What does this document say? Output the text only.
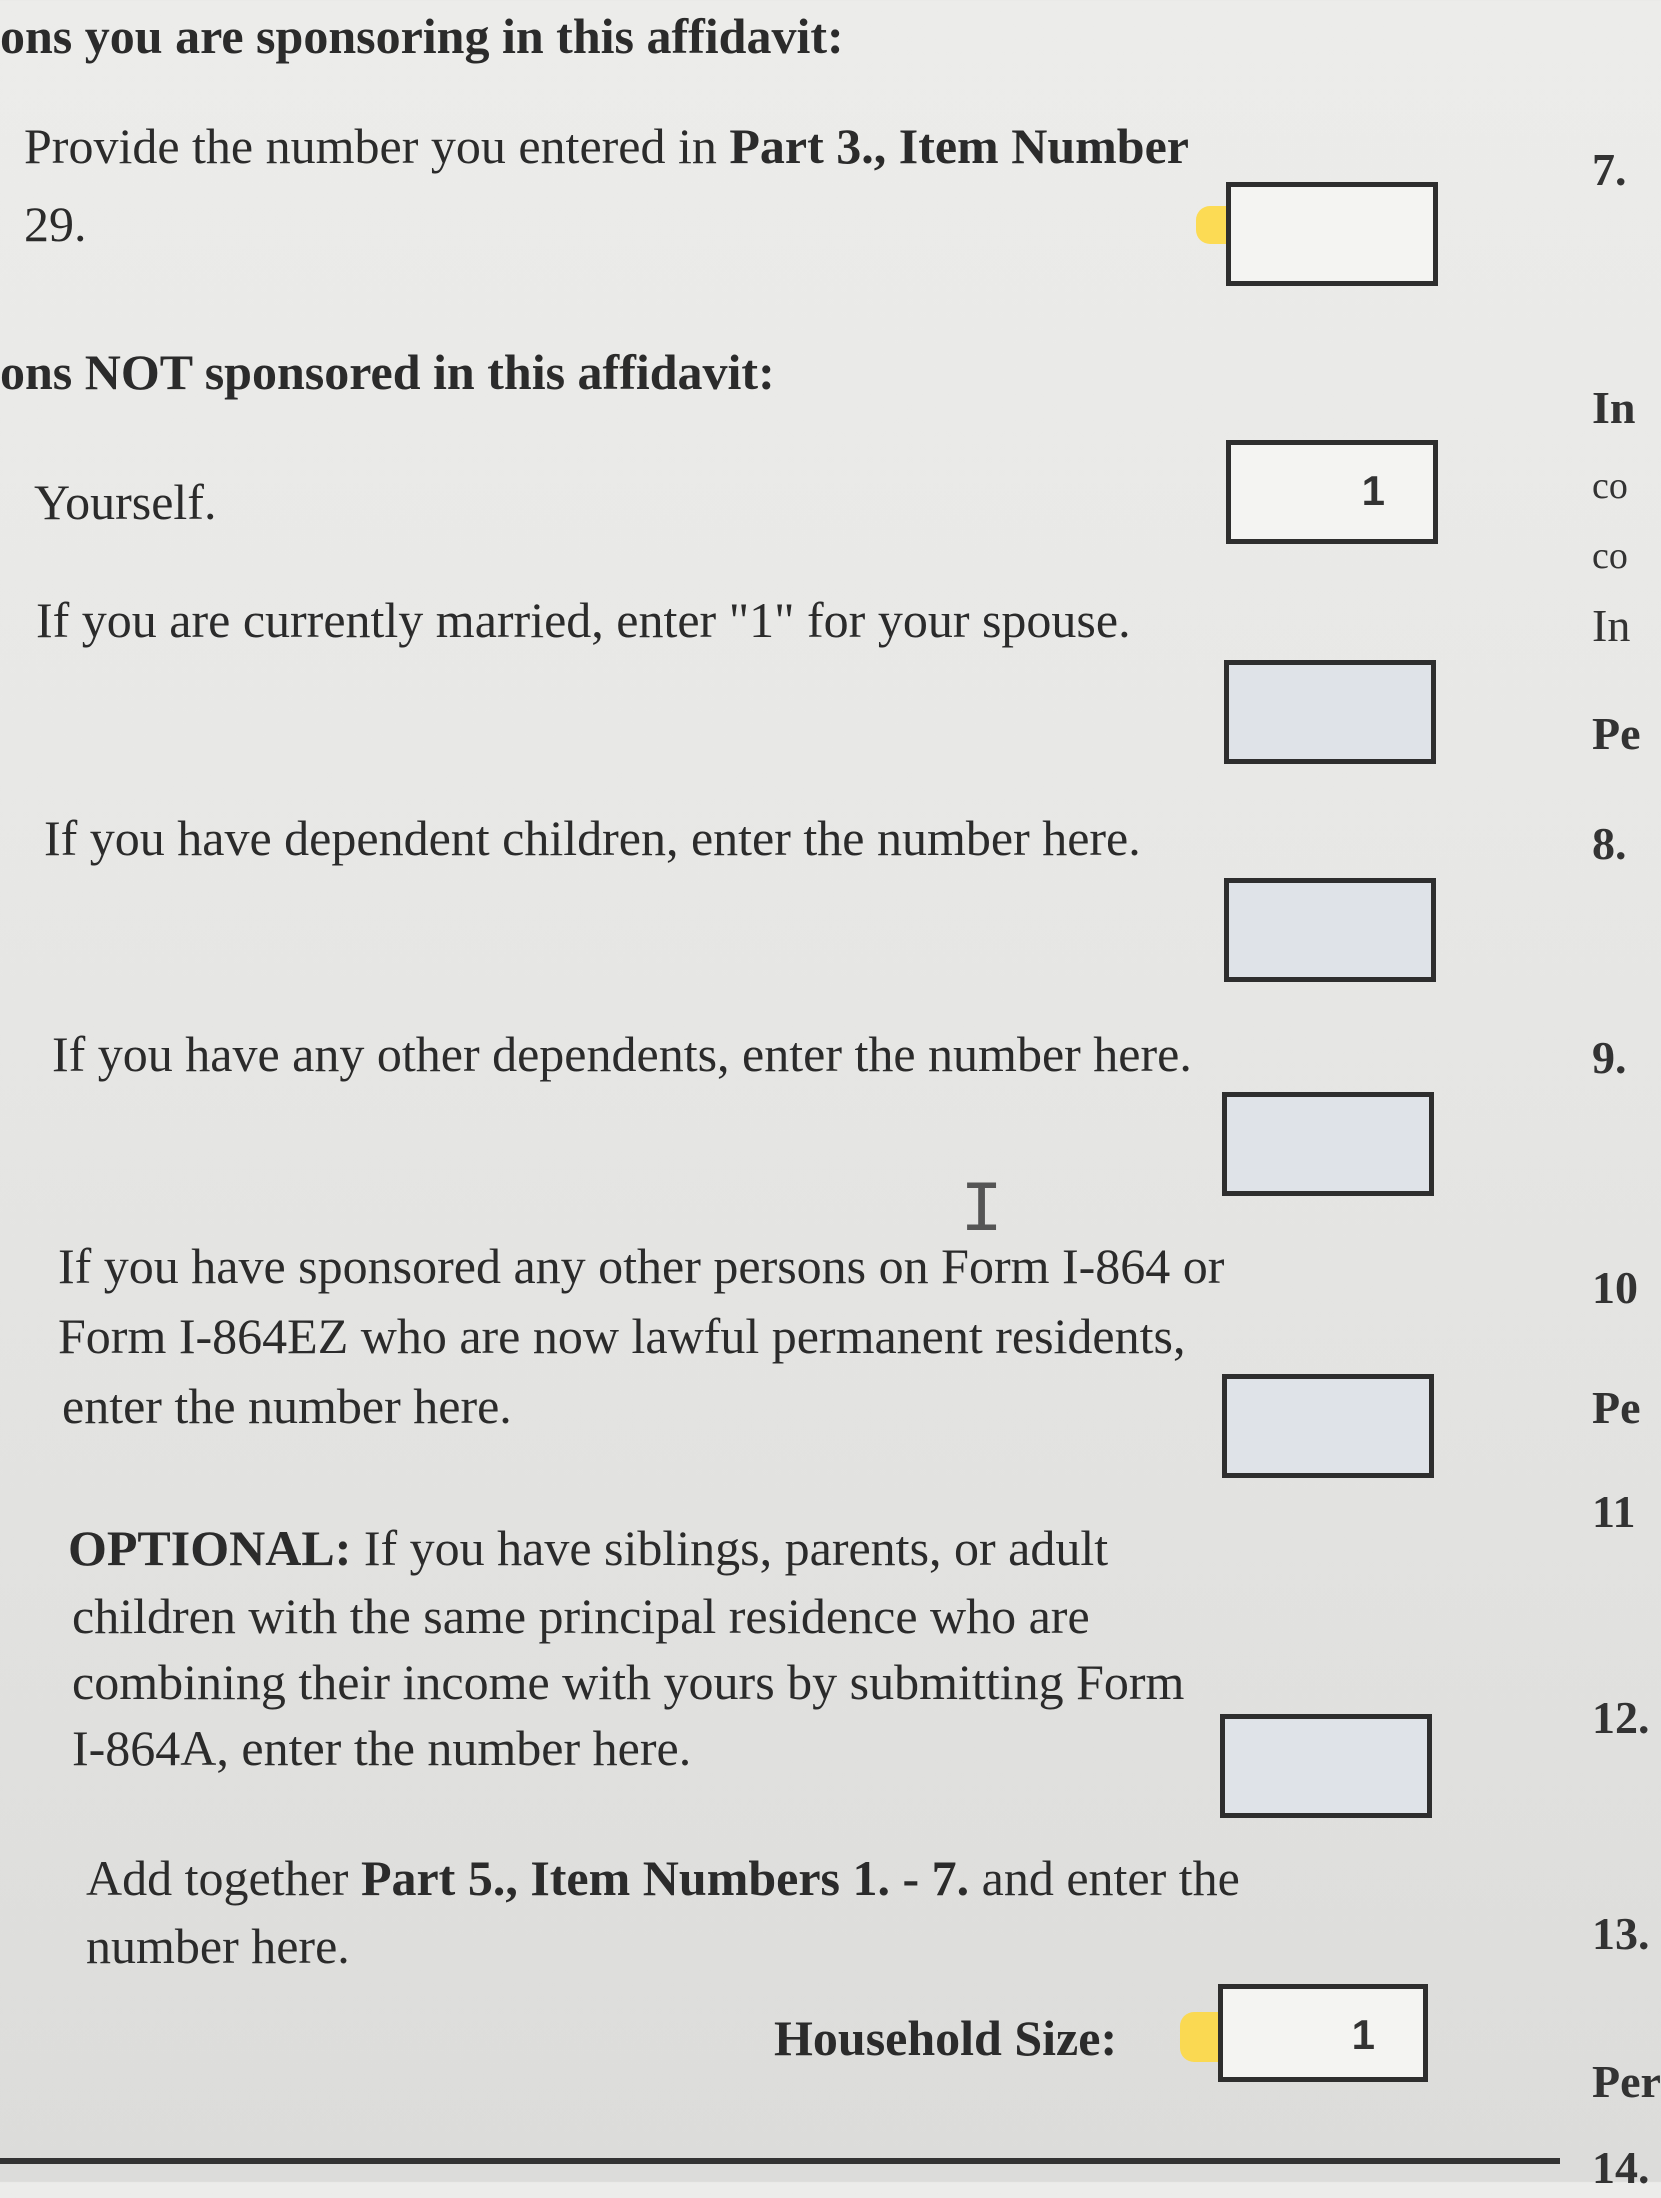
ons you are sponsoring in this affidavit:
Provide the number you entered in Part 3., Item Number
29.
ons NOT sponsored in this affidavit:
Yourself.	1
If you are currently married, enter "1" for your spouse.
If you have dependent children, enter the number here.
If you have any other dependents, enter the number here.
I
If you have sponsored any other persons on Form I-864 or
Form I-864EZ who are now lawful permanent residents,
enter the number here.
OPTIONAL: If you have siblings, parents, or adult
children with the same principal residence who are
combining their income with yours by submitting Form
I-864A, enter the number here.
Add together Part 5., Item Numbers 1. - 7. and enter the
number here.
Household Size:	1
7.
In
co
co
In
Pe
8.
9.
10
Pe
11
12.
13.
Per
14.
